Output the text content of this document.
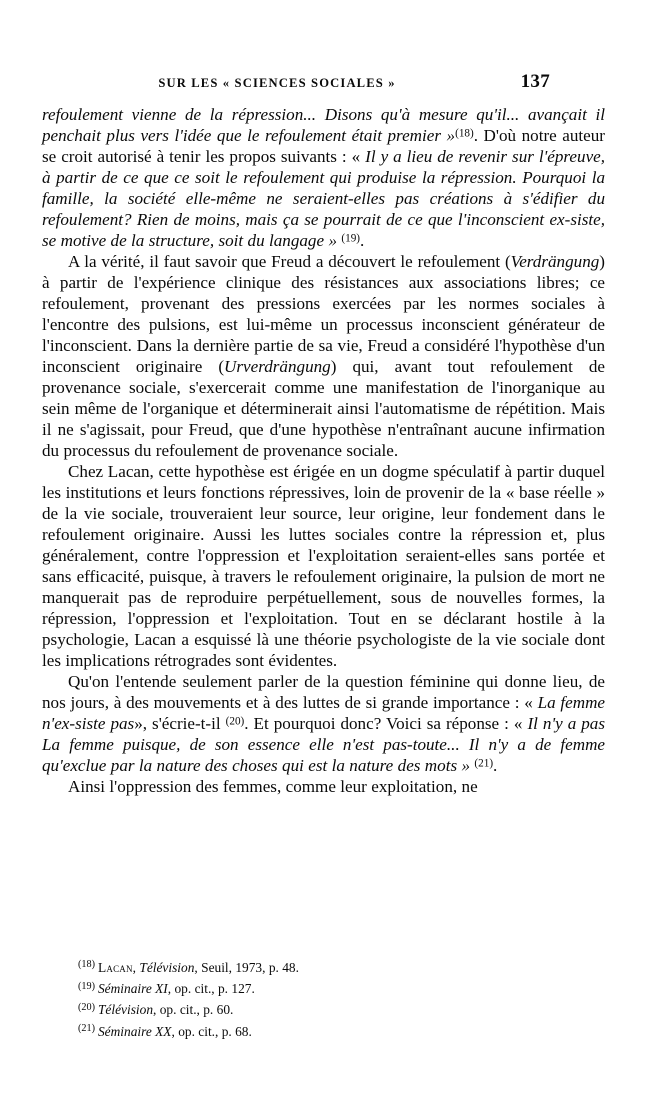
SUR LES « SCIENCES SOCIALES »	137

refoulement vienne de la répression... Disons qu'à mesure qu'il... avançait il penchait plus vers l'idée que le refoulement était premier »$^{(18)}$. D'où notre auteur se croit autorisé à tenir les propos suivants : « Il y a lieu de revenir sur l'épreuve, à partir de ce que ce soit le refoulement qui produise la répression. Pourquoi la famille, la société elle-même ne seraient-elles pas créations à s'édifier du refoulement? Rien de moins, mais ça se pourrait de ce que l'inconscient ex-siste, se motive de la structure, soit du langage » $^{(19)}$.

A la vérité, il faut savoir que Freud a découvert le refoulement (Verdrängung) à partir de l'expérience clinique des résistances aux associations libres; ce refoulement, provenant des pressions exercées par les normes sociales à l'encontre des pulsions, est lui-même un processus inconscient générateur de l'inconscient. Dans la dernière partie de sa vie, Freud a considéré l'hypothèse d'un inconscient originaire (Urverdrängung) qui, avant tout refoulement de provenance sociale, s'exercerait comme une manifestation de l'inorganique au sein même de l'organique et déterminerait ainsi l'automatisme de répétition. Mais il ne s'agissait, pour Freud, que d'une hypothèse n'entraînant aucune infirmation du processus du refoulement de provenance sociale.

Chez Lacan, cette hypothèse est érigée en un dogme spéculatif à partir duquel les institutions et leurs fonctions répressives, loin de provenir de la « base réelle » de la vie sociale, trouveraient leur source, leur origine, leur fondement dans le refoulement originaire. Aussi les luttes sociales contre la répression et, plus généralement, contre l'oppression et l'exploitation seraient-elles sans portée et sans efficacité, puisque, à travers le refoulement originaire, la pulsion de mort ne manquerait pas de reproduire perpétuellement, sous de nouvelles formes, la répression, l'oppression et l'exploitation. Tout en se déclarant hostile à la psychologie, Lacan a esquissé là une théorie psychologiste de la vie sociale dont les implications rétrogrades sont évidentes.

Qu'on l'entende seulement parler de la question féminine qui donne lieu, de nos jours, à des mouvements et à des luttes de si grande importance : « La femme n'ex-siste pas», s'écrie-t-il $^{(20)}$. Et pourquoi donc? Voici sa réponse : « Il n'y a pas La femme puisque, de son essence elle n'est pas-toute... Il n'y a de femme qu'exclue par la nature des choses qui est la nature des mots » $^{(21)}$.

Ainsi l'oppression des femmes, comme leur exploitation, ne

$^{(18)}$ Lacan, Télévision, Seuil, 1973, p. 48.
$^{(19)}$ Séminaire XI, op. cit., p. 127.
$^{(20)}$ Télévision, op. cit., p. 60.
$^{(21)}$ Séminaire XX, op. cit., p. 68.
